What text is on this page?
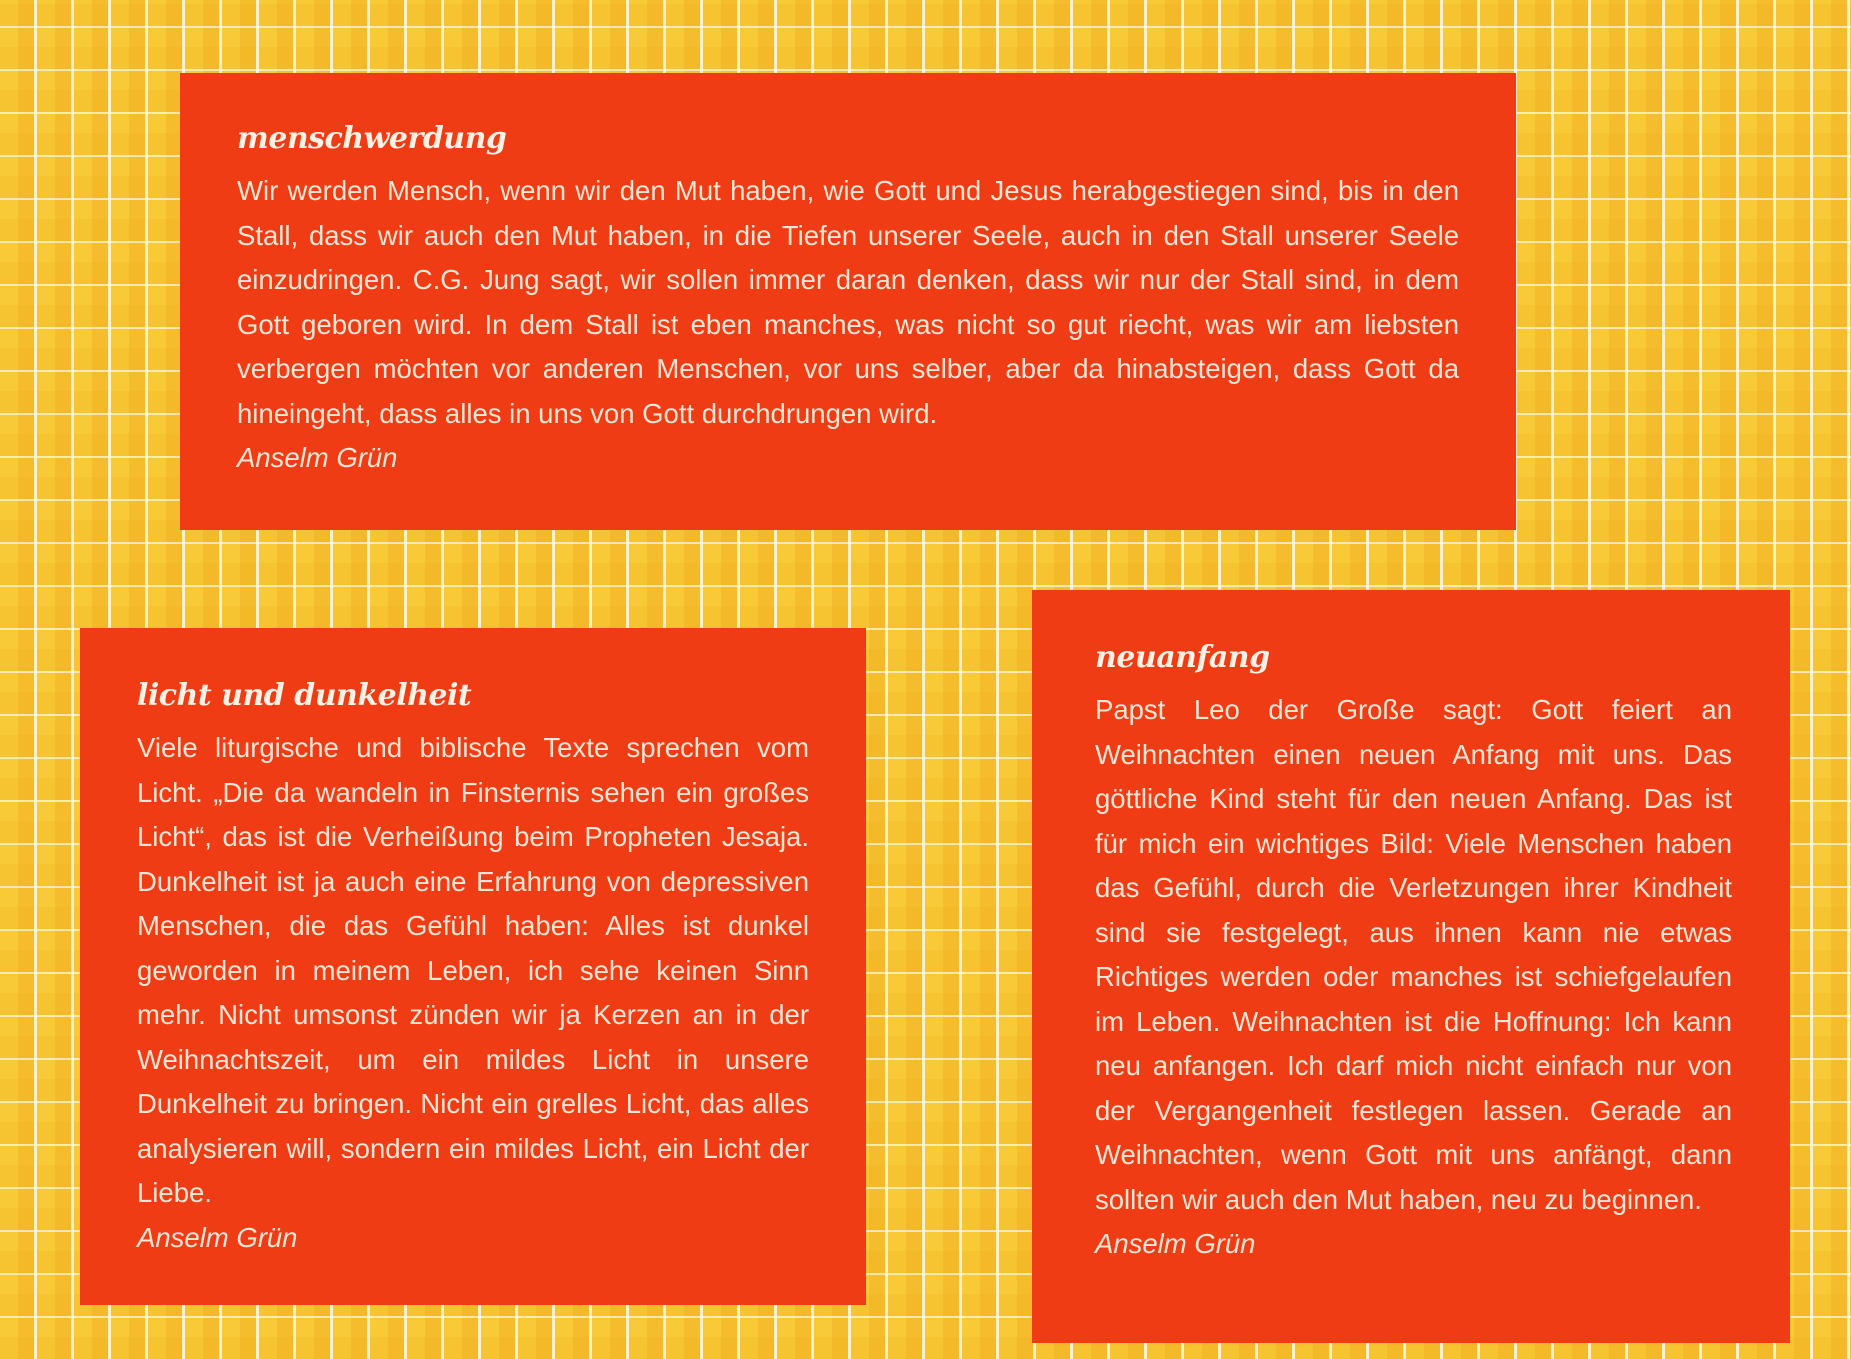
menschwerdung

Wir werden Mensch, wenn wir den Mut haben, wie Gott und Jesus herabgestiegen sind, bis in den Stall, dass wir auch den Mut haben, in die Tiefen unserer Seele, auch in den Stall unserer Seele einzudringen. C.G. Jung sagt, wir sollen immer daran denken, dass wir nur der Stall sind, in dem Gott geboren wird. In dem Stall ist eben manches, was nicht so gut riecht, was wir am liebsten verbergen möchten vor anderen Menschen, vor uns selber, aber da hinabsteigen, dass Gott da hineingeht, dass alles in uns von Gott durchdrungen wird.

Anselm Grün

licht und dunkelheit

Viele liturgische und biblische Texte sprechen vom Licht. „Die da wandeln in Finsternis sehen ein großes Licht“, das ist die Verheißung beim Propheten Jesaja. Dunkelheit ist ja auch eine Erfahrung von depressiven Menschen, die das Gefühl haben: Alles ist dunkel geworden in meinem Leben, ich sehe keinen Sinn mehr. Nicht umsonst zünden wir ja Kerzen an in der Weihnachtszeit, um ein mildes Licht in unsere Dunkelheit zu bringen. Nicht ein grelles Licht, das alles analysieren will, sondern ein mildes Licht, ein Licht der Liebe.

Anselm Grün

neuanfang

Papst Leo der Große sagt: Gott feiert an Weihnachten einen neuen Anfang mit uns. Das göttliche Kind steht für den neuen Anfang. Das ist für mich ein wichtiges Bild: Viele Menschen haben das Gefühl, durch die Verletzungen ihrer Kindheit sind sie festgelegt, aus ihnen kann nie etwas Richtiges werden oder manches ist schiefgelaufen im Leben. Weihnachten ist die Hoffnung: Ich kann neu anfangen. Ich darf mich nicht einfach nur von der Vergangenheit festlegen lassen. Gerade an Weihnachten, wenn Gott mit uns anfängt, dann sollten wir auch den Mut haben, neu zu beginnen.

Anselm Grün
